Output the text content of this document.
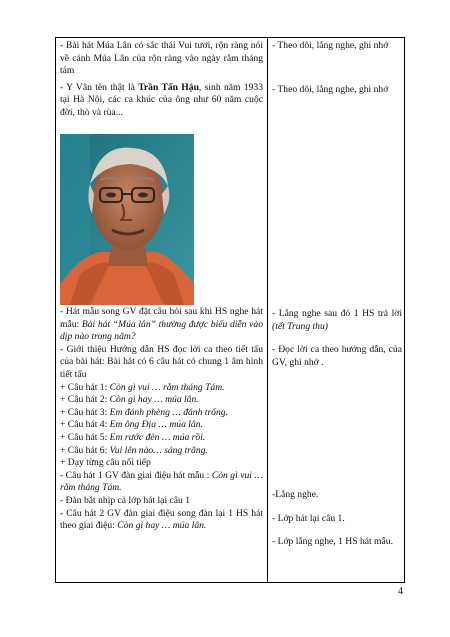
- Bài hát Múa Lân có sắc thái Vui tươi, rộn ràng nói về cảnh Múa Lân của rộn ràng vào ngày rằm tháng tám

- Y Vân tên thật là Trần Tấn Hậu, sinh năm 1933 tại Hà Nội, các ca khúc của ông như 60 năm cuộc đời, thò và rùa...

- Hát mẫu song GV đặt câu hỏi sau khi HS nghe hát mẫu: Bài hát “Múa lân” thường được biểu diễn vào dịp nào trong năm?

- Giới thiệu Hướng dẫn HS đọc lời ca theo tiết tấu của bài hát: Bài hát có 6 câu hát có chung 1 âm hình tiết tấu

+ Câu hát 1: Còn gì vui … rằm tháng Tám.

+ Câu hát 2: Còn gì hay … múa lân.

+ Câu hát 3: Em đánh phèng … đánh trống.

+ Câu hát 4: Em ông Địa … múa lân.

+ Câu hát 5: Em rước đèn … múa rồi.

+ Câu hát 6: Vui lên nào… sáng trăng.

+ Dạy từng câu nối tiếp

- Câu hát 1 GV đàn giai điệu hát mẫu : Còn gì vui … rằm tháng Tám.

- Đàn bắt nhịp cả lớp hát lại câu 1

- Câu hát 2 GV đàn giai điệu song đàn lại 1 HS hát theo giai điệu: Còn gì hay … múa lân.

- Theo dõi, lắng nghe, ghi nhớ

- Theo dõi, lắng nghe, ghi nhớ

- Lắng nghe sau đó 1 HS trả lời (tết Trung thu)

- Đọc lời ca theo hướng dẫn, của GV, ghi nhớ .

-Lắng nghe.

- Lớp hát lại câu 1.

- Lớp lắng nghe, 1 HS hát mẫu.

4
